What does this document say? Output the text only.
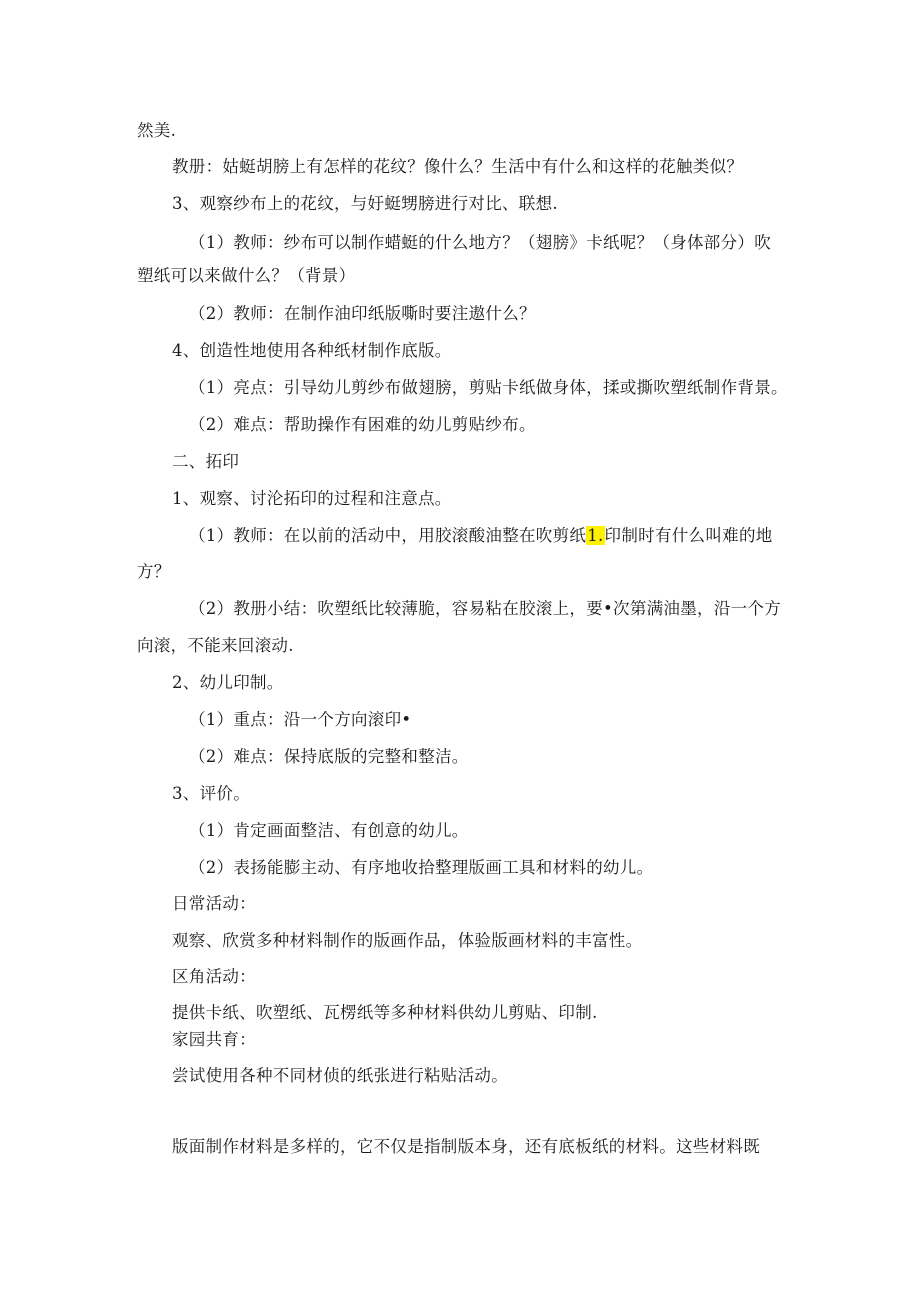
然美.
教册：姑蜓胡膀上有怎样的花纹？像什么？生活中有什么和这样的花触类似？
3、观察纱布上的花纹，与㚥蜓甥膀进行对比、联想.
（1）教师：纱布可以制作蜡蜓的什么地方？（翅膀》卡纸呢？（身体部分）吹
塑纸可以来做什么？（背景）
（2）教师：在制作油印纸版嘶时要注遨什么？
4、创造性地使用各种纸材制作底版。
（1）亮点：引导幼儿剪纱布做翅膀，剪贴卡纸做身体，揉或撕吹塑纸制作背景。
（2）难点：帮助操作有困难的幼儿剪贴纱布。
二、拓印
1、观察、讨沦拓印的过程和注意点。
（1）教师：在以前的活动中，用胶滚酸油整在吹剪纸1.印制时有什么叫难的地
方？
（2）教册小结：吹塑纸比较薄脆，容易粘在胶滚上，要•次第满油墨，沿一个方
向滚，不能来回滚动.
2、幼儿印制。
（1）重点：沿一个方向滚印•
（2）难点：保持底版的完整和整洁。
3、评价。
（1）肯定画面整洁、有创意的幼儿。
（2）表扬能膨主动、有序地收拾整理版画工具和材料的幼儿。
日常活动：
观察、欣赏多种材料制作的版画作品，体验版画材料的丰富性。
区角活动：
提供卡纸、吹塑纸、瓦楞纸等多种材料供幼儿剪贴、印制.
家园共育：
尝试使用各种不同材侦的纸张进行粘贴活动。
版面制作材料是多样的，它不仅是指制版本身，还有底板纸的材料。这些材料既
